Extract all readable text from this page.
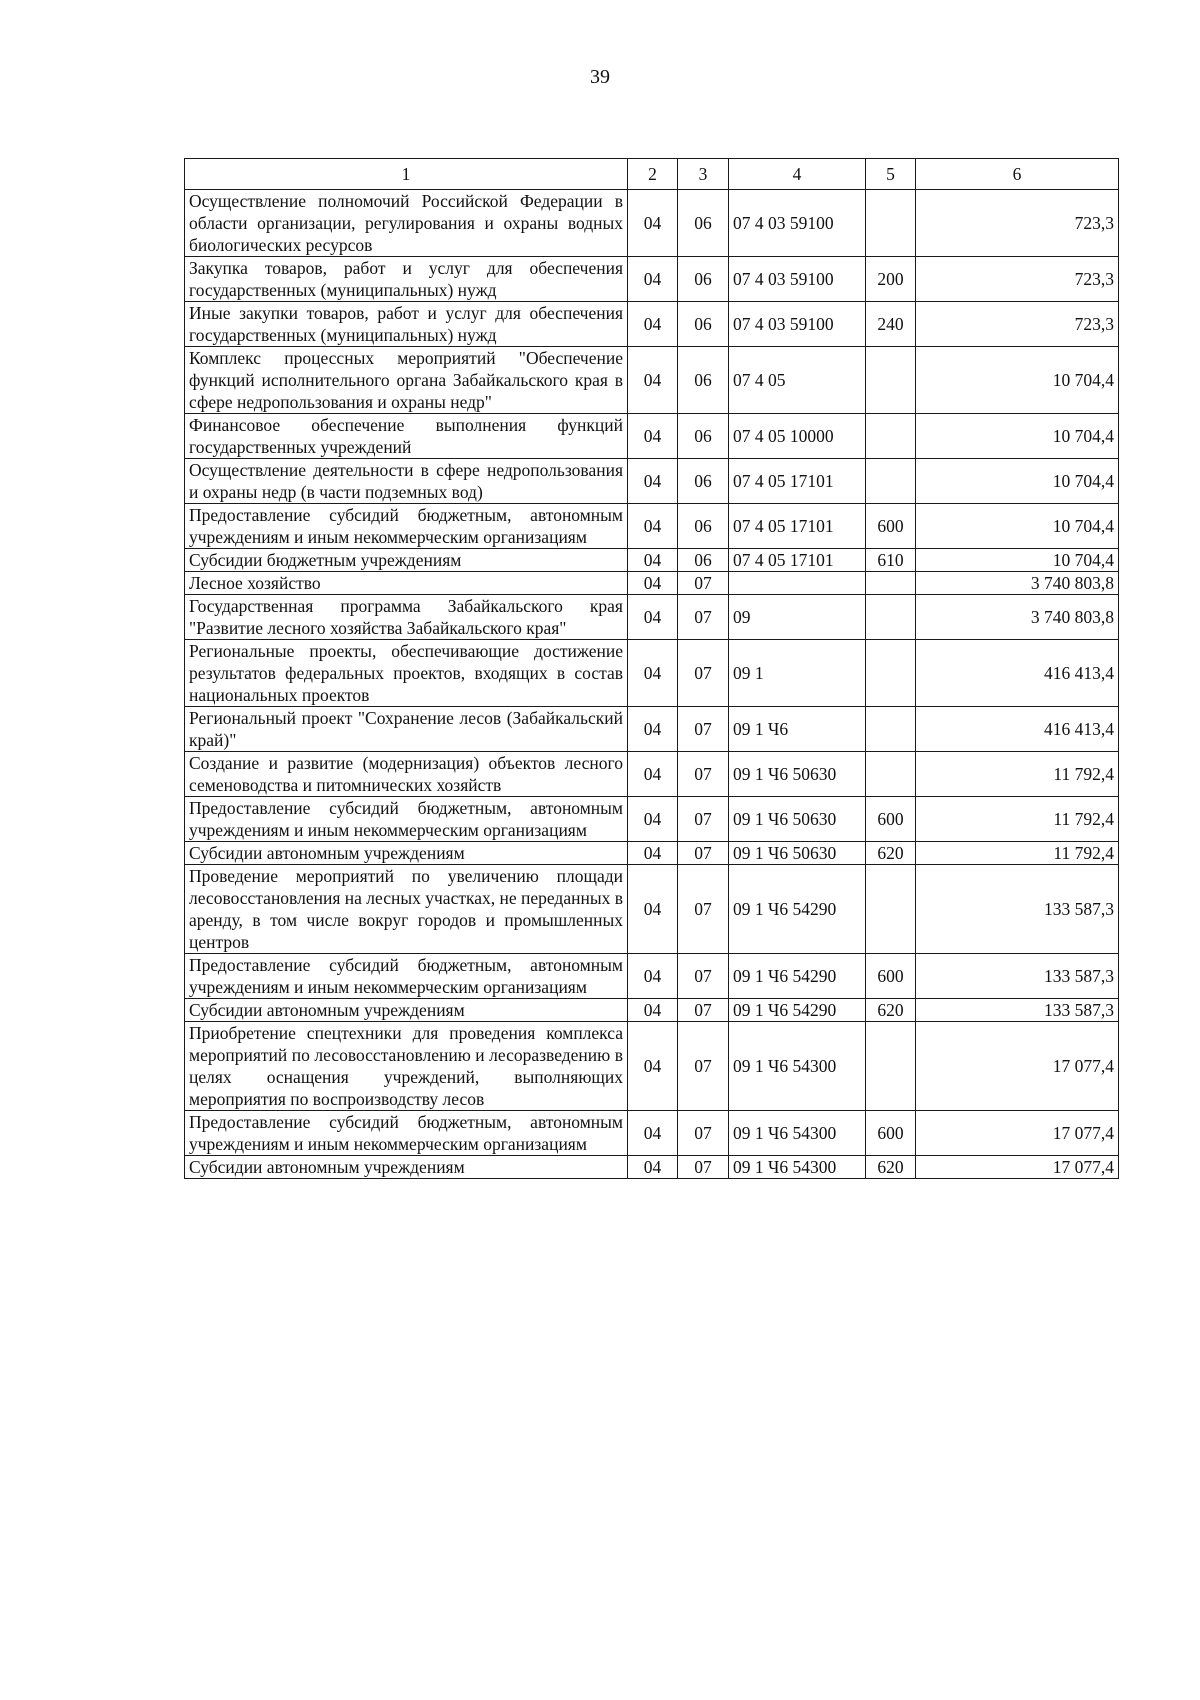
39
1	2	3	4	5	6
Осуществление полномочий Российской Федерации в области организации, регулирования и охраны водных биологических ресурсов	04	06	07 4 03 59100		723,3
Закупка товаров, работ и услуг для обеспечения государственных (муниципальных) нужд	04	06	07 4 03 59100	200	723,3
Иные закупки товаров, работ и услуг для обеспечения государственных (муниципальных) нужд	04	06	07 4 03 59100	240	723,3
Комплекс процессных мероприятий "Обеспечение функций исполнительного органа Забайкальского края в сфере недропользования и охраны недр"	04	06	07 4 05		10 704,4
Финансовое обеспечение выполнения функций государственных учреждений	04	06	07 4 05 10000		10 704,4
Осуществление деятельности в сфере недропользования и охраны недр (в части подземных вод)	04	06	07 4 05 17101		10 704,4
Предоставление субсидий бюджетным, автономным учреждениям и иным некоммерческим организациям	04	06	07 4 05 17101	600	10 704,4
Субсидии бюджетным учреждениям	04	06	07 4 05 17101	610	10 704,4
Лесное хозяйство	04	07			3 740 803,8
Государственная программа Забайкальского края "Развитие лесного хозяйства Забайкальского края"	04	07	09		3 740 803,8
Региональные проекты, обеспечивающие достижение результатов федеральных проектов, входящих в состав национальных проектов	04	07	09 1		416 413,4
Региональный проект "Сохранение лесов (Забайкальский край)"	04	07	09 1 Ч6		416 413,4
Создание и развитие (модернизация) объектов лесного семеноводства и питомнических хозяйств	04	07	09 1 Ч6 50630		11 792,4
Предоставление субсидий бюджетным, автономным учреждениям и иным некоммерческим организациям	04	07	09 1 Ч6 50630	600	11 792,4
Субсидии автономным учреждениям	04	07	09 1 Ч6 50630	620	11 792,4
Проведение мероприятий по увеличению площади лесовосстановления на лесных участках, не переданных в аренду, в том числе вокруг городов и промышленных центров	04	07	09 1 Ч6 54290		133 587,3
Предоставление субсидий бюджетным, автономным учреждениям и иным некоммерческим организациям	04	07	09 1 Ч6 54290	600	133 587,3
Субсидии автономным учреждениям	04	07	09 1 Ч6 54290	620	133 587,3
Приобретение спецтехники для проведения комплекса мероприятий по лесовосстановлению и лесоразведению в целях оснащения учреждений, выполняющих мероприятия по воспроизводству лесов	04	07	09 1 Ч6 54300		17 077,4
Предоставление субсидий бюджетным, автономным учреждениям и иным некоммерческим организациям	04	07	09 1 Ч6 54300	600	17 077,4
Субсидии автономным учреждениям	04	07	09 1 Ч6 54300	620	17 077,4
